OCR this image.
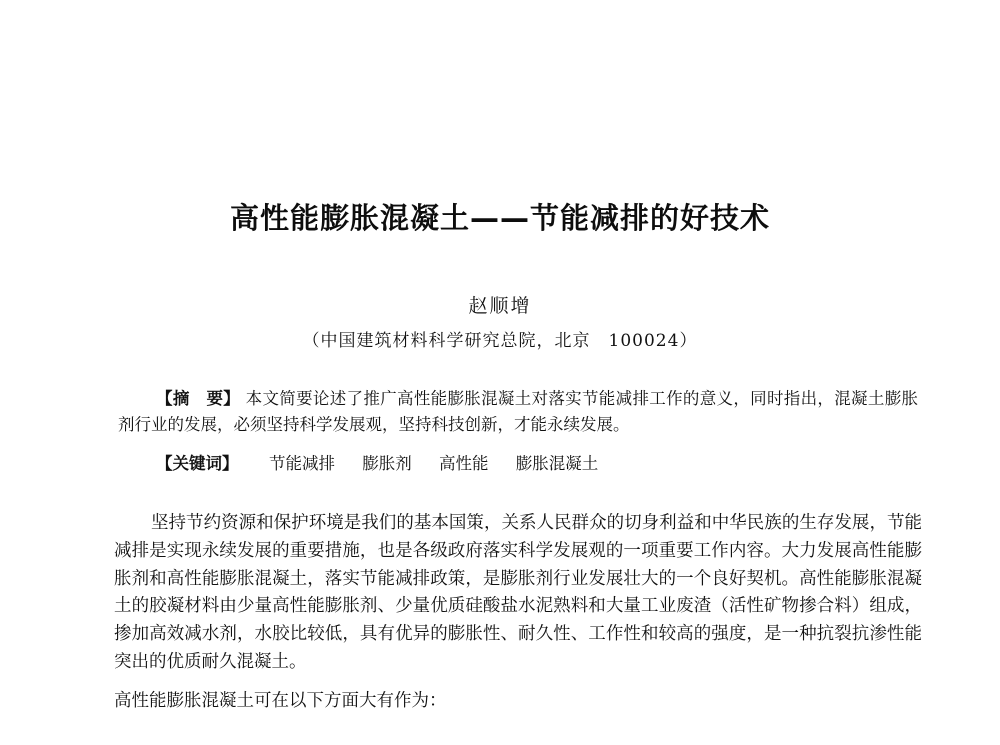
高性能膨胀混凝土——节能减排的好技术
赵顺增
（中国建筑材料科学研究总院，北京　100024）

【摘　要】 本文简要论述了推广高性能膨胀混凝土对落实节能减排工作的意义，同时指出，混凝土膨胀剂行业的发展，必须坚持科学发展观，坚持科技创新，才能永续发展。

【关键词】 节能减排 膨胀剂 高性能 膨胀混凝土

坚持节约资源和保护环境是我们的基本国策，关系人民群众的切身利益和中华民族的生存发展，节能减排是实现永续发展的重要措施，也是各级政府落实科学发展观的一项重要工作内容。大力发展高性能膨胀剂和高性能膨胀混凝土，落实节能减排政策，是膨胀剂行业发展壮大的一个良好契机。高性能膨胀混凝土的胶凝材料由少量高性能膨胀剂、少量优质硅酸盐水泥熟料和大量工业废渣（活性矿物掺合料）组成，掺加高效减水剂，水胶比较低，具有优异的膨胀性、耐久性、工作性和较高的强度，是一种抗裂抗渗性能突出的优质耐久混凝土。

高性能膨胀混凝土可在以下方面大有作为：
